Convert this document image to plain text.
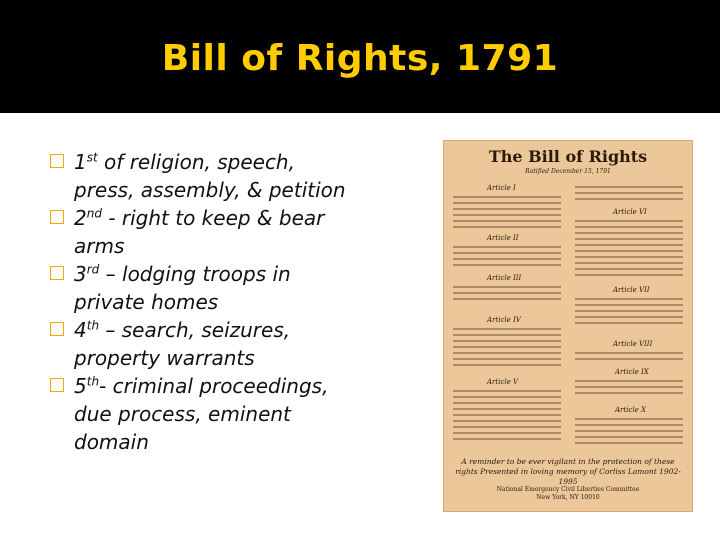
Bill of Rights, 1791
1st of religion, speech, press, assembly, & petition
2nd - right to keep & bear arms
3rd – lodging troops in private homes
4th – search, seizures, property warrants
5th- criminal proceedings, due process, eminent domain
The Bill of Rights
Ratified December 15, 1791
Article I
Article II
Article III
Article IV
Article V
Article VI
Article VII
Article VIII
Article IX
Article X
A reminder to be ever vigilant in the protection of these rights Presented in loving memory of Corliss Lamont 1902-1995
National Emergency Civil Liberties Committee
New York, NY 10010
